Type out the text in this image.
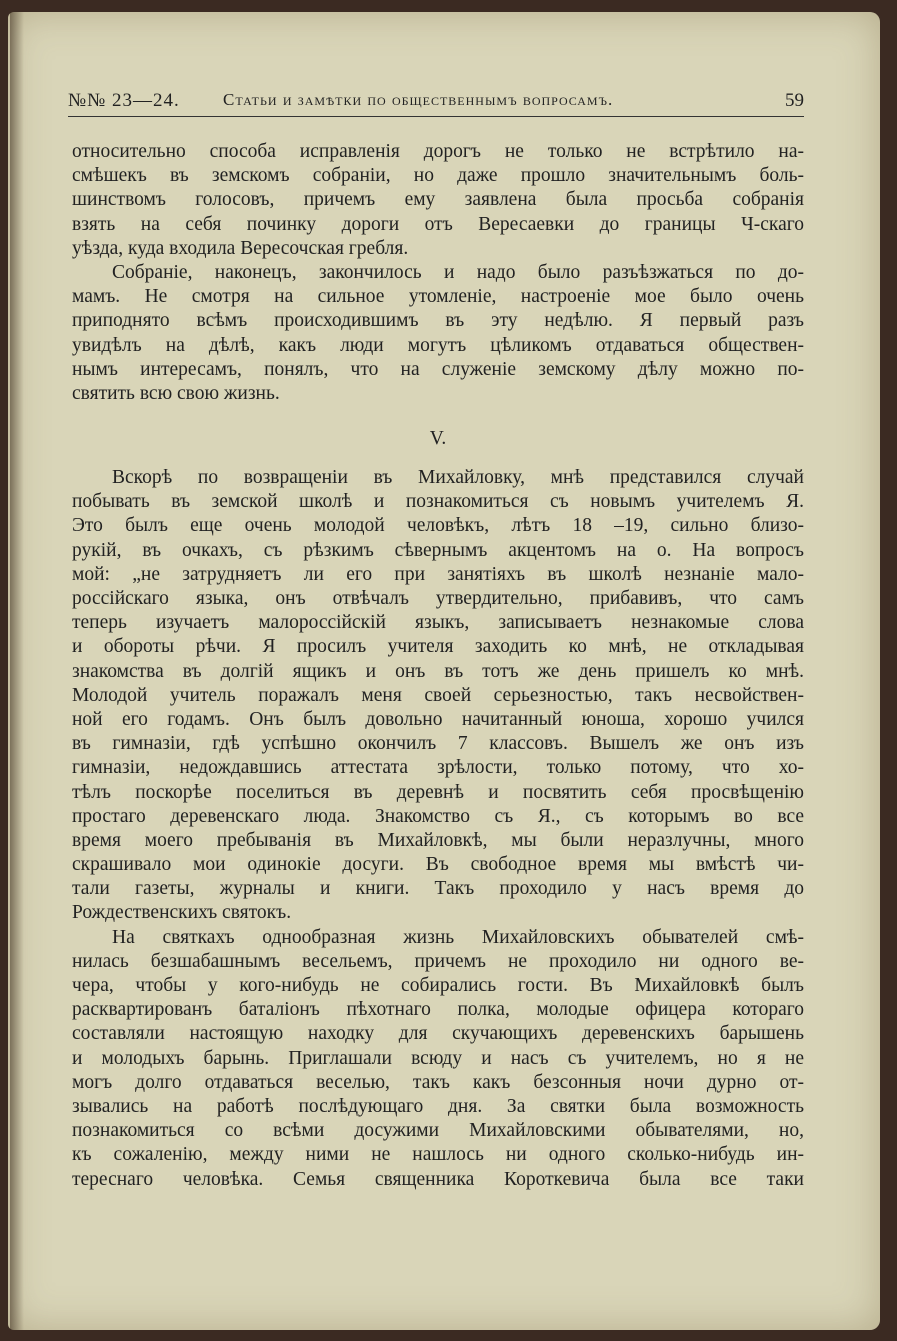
№№ 23—24.	Статьи и замѣтки по общественнымъ вопросамъ.	59
относительно способа исправленія дорогъ не только не встрѣтило на-
смѣшекъ въ земскомъ собраніи, но даже прошло значительнымъ боль-
шинствомъ голосовъ, причемъ ему заявлена была просьба собранія
взять на себя починку дороги отъ Вересаевки до границы Ч-скаго
уѣзда, куда входила Вересочская гребля.
Собраніе, наконецъ, закончилось и надо было разъѣзжаться по до-
мамъ. Не смотря на сильное утомленіе, настроеніе мое было очень
приподнято всѣмъ происходившимъ въ эту недѣлю. Я первый разъ
увидѣлъ на дѣлѣ, какъ люди могутъ цѣликомъ отдаваться обществен-
нымъ интересамъ, понялъ, что на служеніе земскому дѣлу можно по-
святить всю свою жизнь.
V.
Вскорѣ по возвращеніи въ Михайловку, мнѣ представился случай
побывать въ земской школѣ и познакомиться съ новымъ учителемъ Я.
Это былъ еще очень молодой человѣкъ, лѣтъ 18 –19, сильно близо-
рукій, въ очкахъ, съ рѣзкимъ сѣвернымъ акцентомъ на о. На вопросъ
мой: „не затрудняетъ ли его при занятіяхъ въ школѣ незнаніе мало-
россійскаго языка, онъ отвѣчалъ утвердительно, прибавивъ, что самъ
теперь изучаетъ малороссійскій языкъ, записываетъ незнакомые слова
и обороты рѣчи. Я просилъ учителя заходить ко мнѣ, не откладывая
знакомства въ долгій ящикъ и онъ въ тотъ же день пришелъ ко мнѣ.
Молодой учитель поражалъ меня своей серьезностью, такъ несвойствен-
ной его годамъ. Онъ былъ довольно начитанный юноша, хорошо учился
въ гимназіи, гдѣ успѣшно окончилъ 7 классовъ. Вышелъ же онъ изъ
гимназіи, недождавшись аттестата зрѣлости, только потому, что хо-
тѣлъ поскорѣе поселиться въ деревнѣ и посвятить себя просвѣщенію
простаго деревенскаго люда. Знакомство съ Я., съ которымъ во все
время моего пребыванія въ Михайловкѣ, мы были неразлучны, много
скрашивало мои одинокіе досуги. Въ свободное время мы вмѣстѣ чи-
тали газеты, журналы и книги. Такъ проходило у насъ время до
Рождественскихъ святокъ.
На святкахъ однообразная жизнь Михайловскихъ обывателей смѣ-
нилась безшабашнымъ весельемъ, причемъ не проходило ни одного ве-
чера, чтобы у кого-нибудь не собирались гости. Въ Михайловкѣ былъ
расквартированъ баталіонъ пѣхотнаго полка, молодые офицера котораго
составляли настоящую находку для скучающихъ деревенскихъ барышень
и молодыхъ барынь. Приглашали всюду и насъ съ учителемъ, но я не
могъ долго отдаваться веселью, такъ какъ безсонныя ночи дурно от-
зывались на работѣ послѣдующаго дня. За святки была возможность
познакомиться со всѣми досужими Михайловскими обывателями, но,
къ сожаленію, между ними не нашлось ни одного сколько-нибудь ин-
тереснаго человѣка. Семья священника Короткевича была все таки
